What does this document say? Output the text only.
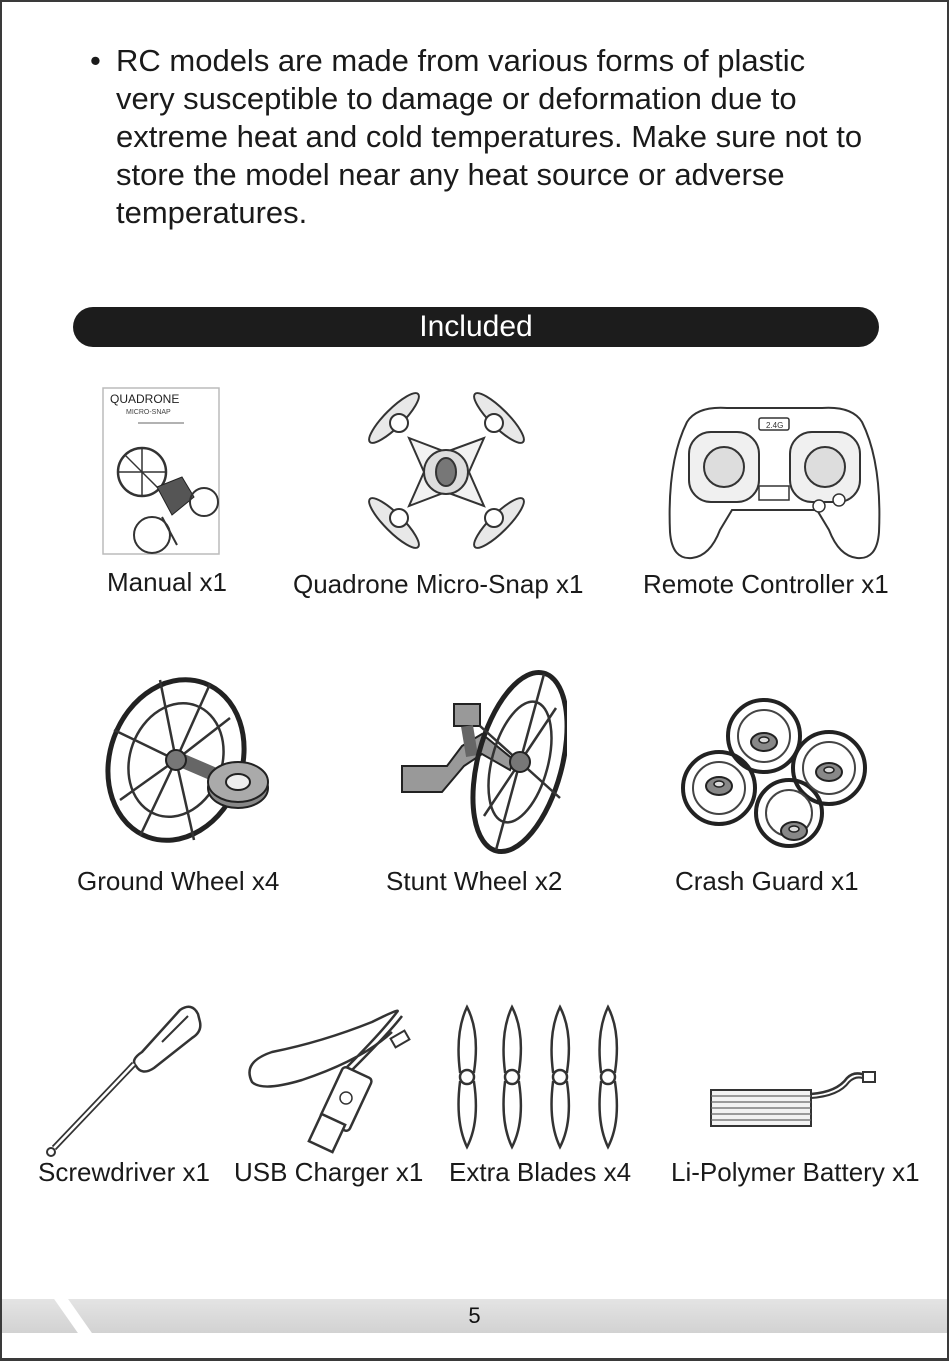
• RC models are made from various forms of plastic very susceptible to damage or deformation due to extreme heat and cold temperatures. Make sure not to store the model near any heat source or adverse temperatures.
Included
QUADRONE
MICRO-SNAP
Manual x1	Quadrone Micro-Snap x1
2.4G
Remote Controller x1
Ground Wheel x4	Stunt Wheel x2	Crash Guard x1
Screwdriver x1 USB Charger x1 Extra Blades x4 Li-Polymer Battery x1
5
